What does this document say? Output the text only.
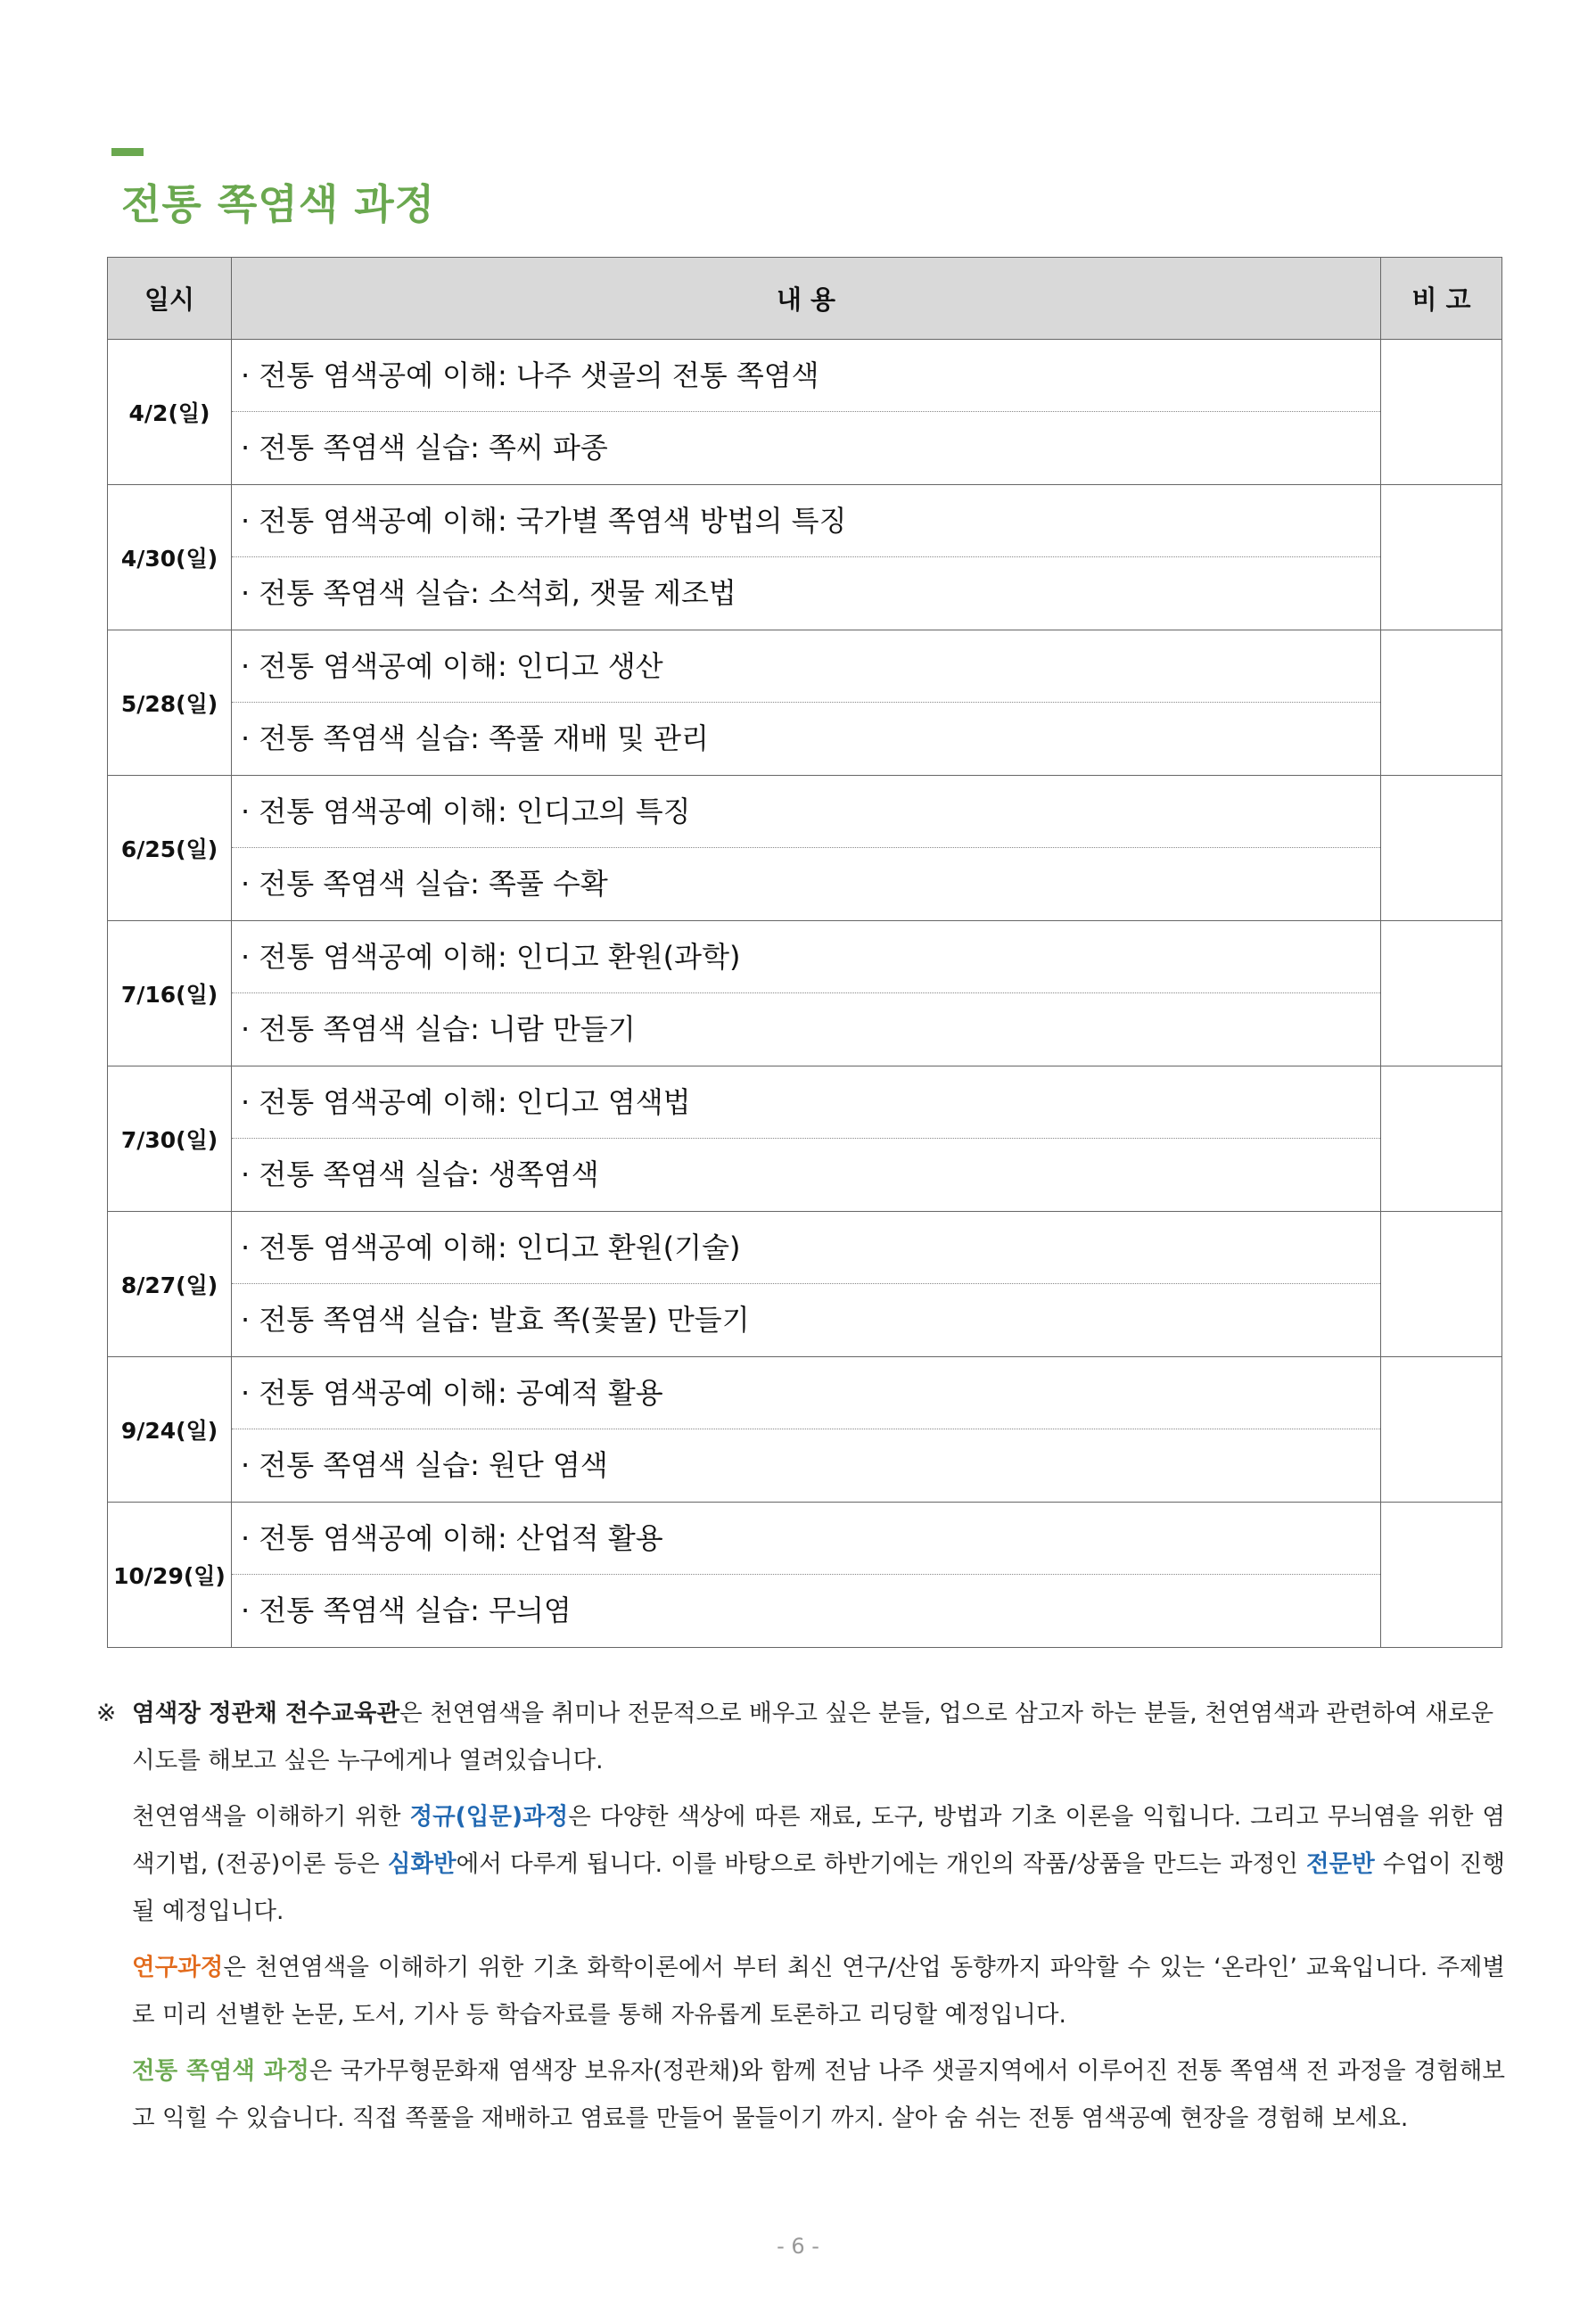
전통 쪽염색 과정
일시	내 용	비 고
4/2(일)	· 전통 염색공예 이해: 나주 샛골의 전통 쪽염색
· 전통 쪽염색 실습: 쪽씨 파종	

4/30(일)	· 전통 염색공예 이해: 국가별 쪽염색 방법의 특징
· 전통 쪽염색 실습: 소석회, 잿물 제조법	

5/28(일)	· 전통 염색공예 이해: 인디고 생산
· 전통 쪽염색 실습: 쪽풀 재배 및 관리	

6/25(일)	· 전통 염색공예 이해: 인디고의 특징
· 전통 쪽염색 실습: 쪽풀 수확	

7/16(일)	· 전통 염색공예 이해: 인디고 환원(과학)
· 전통 쪽염색 실습: 니람 만들기	

7/30(일)	· 전통 염색공예 이해: 인디고 염색법
· 전통 쪽염색 실습: 생쪽염색	

8/27(일)	· 전통 염색공예 이해: 인디고 환원(기술)
· 전통 쪽염색 실습: 발효 쪽(꽃물) 만들기	

9/24(일)	· 전통 염색공예 이해: 공예적 활용
· 전통 쪽염색 실습: 원단 염색	

10/29(일)	· 전통 염색공예 이해: 산업적 활용
· 전통 쪽염색 실습: 무늬염	

※ 염색장 정관채 전수교육관은 천연염색을 취미나 전문적으로 배우고 싶은 분들, 업으로 삼고자 하는 분들, 천연염색과 관련하여 새로운 시도를 해보고 싶은 누구에게나 열려있습니다.
천연염색을 이해하기 위한 정규(입문)과정은 다양한 색상에 따른 재료, 도구, 방법과 기초 이론을 익힙니다. 그리고 무늬염을 위한 염색기법, (전공)이론 등은 심화반에서 다루게 됩니다. 이를 바탕으로 하반기에는 개인의 작품/상품을 만드는 과정인 전문반 수업이 진행될 예정입니다.
연구과정은 천연염색을 이해하기 위한 기초 화학이론에서 부터 최신 연구/산업 동향까지 파악할 수 있는 ‘온라인’ 교육입니다. 주제별로 미리 선별한 논문, 도서, 기사 등 학습자료를 통해 자유롭게 토론하고 리딩할 예정입니다.
전통 쪽염색 과정은 국가무형문화재 염색장 보유자(정관채)와 함께 전남 나주 샛골지역에서 이루어진 전통 쪽염색 전 과정을 경험해보고 익힐 수 있습니다. 직접 쪽풀을 재배하고 염료를 만들어 물들이기 까지. 살아 숨 쉬는 전통 염색공예 현장을 경험해 보세요.
- 6 -
